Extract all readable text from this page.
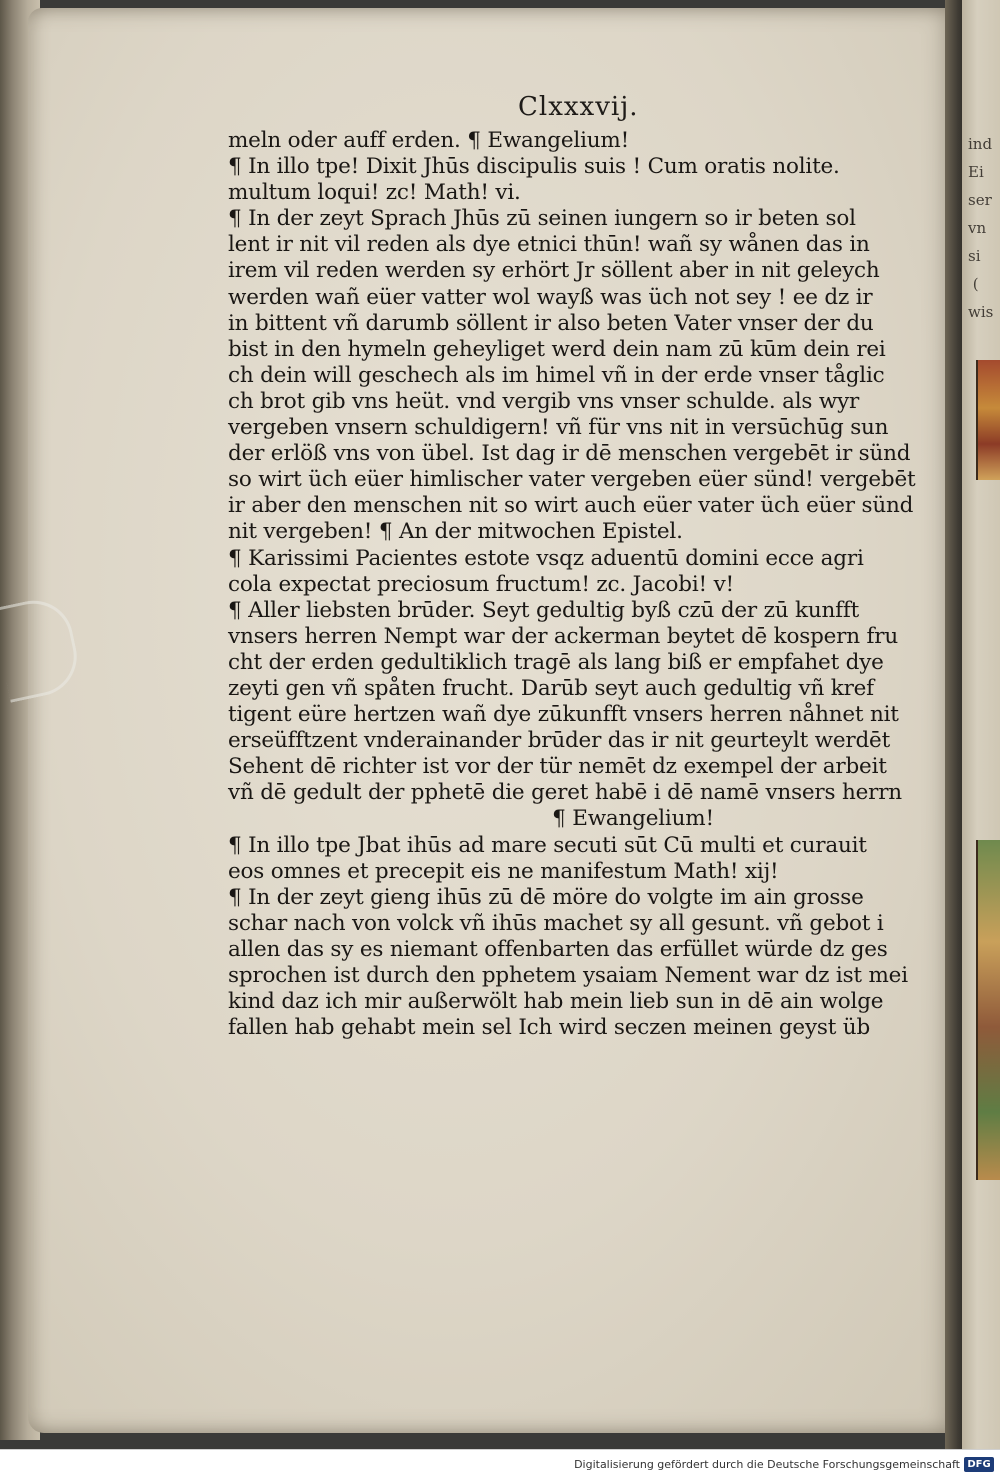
ind
Ei
ser
vn
si
(
wis
Clxxxvij.
meln oder auff erden. ¶ Ewangelium!
¶ In illo tpe! Dixit Jhūs discipulis suis ! Cum oratis nolite.
multum loqui! zc! Math! vi.
¶ In der zeyt Sprach Jhūs zū seinen iungern so ir beten sol
lent ir nit vil reden als dye etnici thūn! wañ sy wånen das in
irem vil reden werden sy erhört Jr söllent aber in nit geleych
werden wañ eüer vatter wol wayß was üch not sey ! ee dz ir
in bittent vñ darumb söllent ir also beten Vater vnser der du
bist in den hymeln geheyliget werd dein nam zū kūm dein rei
ch dein will geschech als im himel vñ in der erde vnser tåglic
ch brot gib vns heüt. vnd vergib vns vnser schulde. als wyr
vergeben vnsern schuldigern! vñ für vns nit in versūchūg sun
der erlöß vns von übel. Ist dag ir dē menschen vergebēt ir sünd
so wirt üch eüer himlischer vater vergeben eüer sünd! vergebēt
ir aber den menschen nit so wirt auch eüer vater üch eüer sünd
nit vergeben! ¶ An der mitwochen Epistel.
¶ Karissimi Pacientes estote vsqz aduentū domini ecce agri
cola expectat preciosum fructum! zc. Jacobi! v!
¶ Aller liebsten brūder. Seyt gedultig byß czū der zū kunfft
vnsers herren Nempt war der ackerman beytet dē kospern fru
cht der erden gedultiklich tragē als lang biß er empfahet dye
zeyti gen vñ spåten frucht. Darūb seyt auch gedultig vñ kref
tigent eüre hertzen wañ dye zūkunfft vnsers herren nåhnet nit
erseüfftzent vnderainander brūder das ir nit geurteylt werdēt
Sehent dē richter ist vor der tür nemēt dz exempel der arbeit
vñ dē gedult der pphetē die geret habē i dē namē vnsers herrn
¶ Ewangelium!
¶ In illo tpe Jbat ihūs ad mare secuti sūt Cū multi et curauit
eos omnes et precepit eis ne manifestum Math! xij!
¶ In der zeyt gieng ihūs zū dē möre do volgte im ain grosse
schar nach von volck vñ ihūs machet sy all gesunt. vñ gebot i
allen das sy es niemant offenbarten das erfüllet würde dz ges
sprochen ist durch den pphetem ysaiam Nement war dz ist mei
kind daz ich mir außerwölt hab mein lieb sun in dē ain wolge
fallen hab gehabt mein sel Ich wird seczen meinen geyst üb
Digitalisierung gefördert durch die Deutsche Forschungsgemeinschaft DFG
